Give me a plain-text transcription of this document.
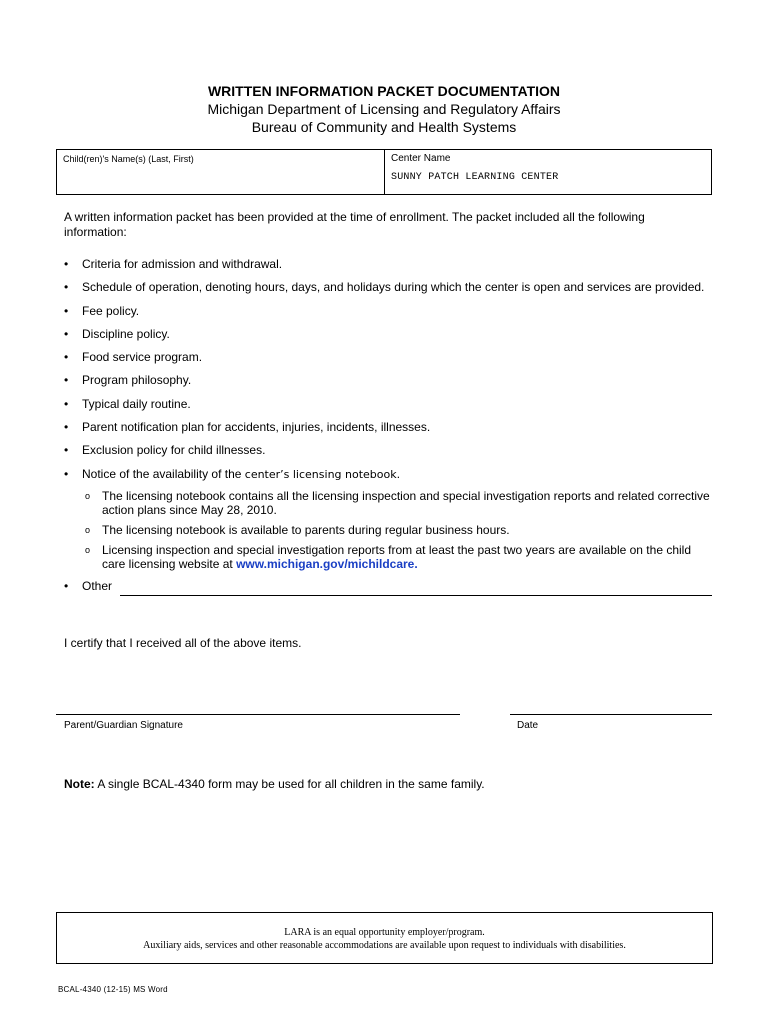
WRITTEN INFORMATION PACKET DOCUMENTATION
Michigan Department of Licensing and Regulatory Affairs
Bureau of Community and Health Systems
Child(ren)'s Name(s) (Last, First)	Center Name
SUNNY PATCH LEARNING CENTER
A written information packet has been provided at the time of enrollment. The packet included all the following information:
• Criteria for admission and withdrawal.
• Schedule of operation, denoting hours, days, and holidays during which the center is open and services are provided.
• Fee policy.
• Discipline policy.
• Food service program.
• Program philosophy.
• Typical daily routine.
• Parent notification plan for accidents, injuries, incidents, illnesses.
• Exclusion policy for child illnesses.
• Notice of the availability of the center’s licensing notebook.
o The licensing notebook contains all the licensing inspection and special investigation reports and related corrective action plans since May 28, 2010.
o The licensing notebook is available to parents during regular business hours.
o Licensing inspection and special investigation reports from at least the past two years are available on the child care licensing website at www.michigan.gov/michildcare.
• Other
I certify that I received all of the above items.
Parent/Guardian Signature	Date
Note: A single BCAL-4340 form may be used for all children in the same family.
LARA is an equal opportunity employer/program.
Auxiliary aids, services and other reasonable accommodations are available upon request to individuals with disabilities.
BCAL-4340 (12-15) MS Word
